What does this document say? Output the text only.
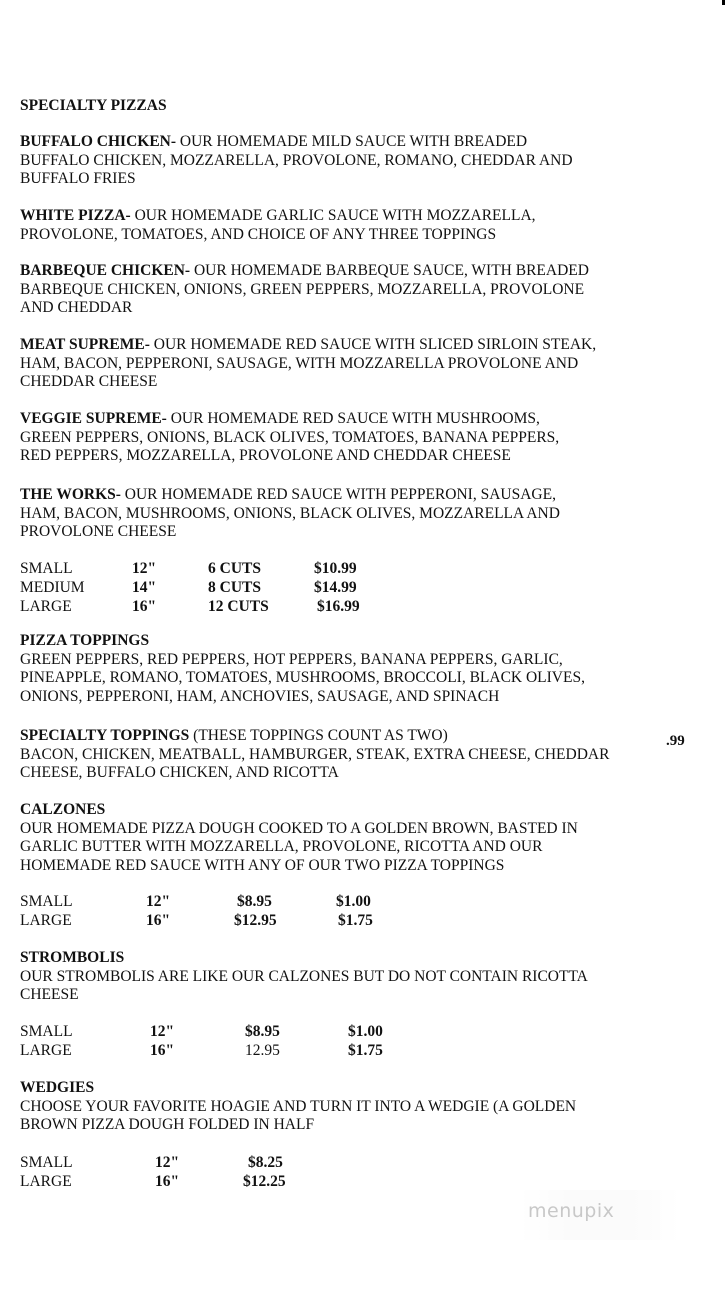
SPECIALTY PIZZAS
BUFFALO CHICKEN- OUR HOMEMADE MILD SAUCE WITH BREADED
BUFFALO CHICKEN, MOZZARELLA, PROVOLONE, ROMANO, CHEDDAR AND
BUFFALO FRIES
WHITE PIZZA- OUR HOMEMADE GARLIC SAUCE WITH MOZZARELLA,
PROVOLONE, TOMATOES, AND CHOICE OF ANY THREE TOPPINGS
BARBEQUE CHICKEN- OUR HOMEMADE BARBEQUE SAUCE, WITH BREADED
BARBEQUE CHICKEN, ONIONS, GREEN PEPPERS, MOZZARELLA, PROVOLONE
AND CHEDDAR
MEAT SUPREME- OUR HOMEMADE RED SAUCE WITH SLICED SIRLOIN STEAK,
HAM, BACON, PEPPERONI, SAUSAGE, WITH MOZZARELLA PROVOLONE AND
CHEDDAR CHEESE
VEGGIE SUPREME- OUR HOMEMADE RED SAUCE WITH MUSHROOMS,
GREEN PEPPERS, ONIONS, BLACK OLIVES, TOMATOES, BANANA PEPPERS,
RED PEPPERS, MOZZARELLA, PROVOLONE AND CHEDDAR CHEESE
THE WORKS- OUR HOMEMADE RED SAUCE WITH PEPPERONI, SAUSAGE,
HAM, BACON, MUSHROOMS, ONIONS, BLACK OLIVES, MOZZARELLA AND
PROVOLONE CHEESE
SMALL	12"	6 CUTS	$10.99
MEDIUM	14"	8 CUTS	$14.99
LARGE	16"	12 CUTS	$16.99
PIZZA TOPPINGS
GREEN PEPPERS, RED PEPPERS, HOT PEPPERS, BANANA PEPPERS, GARLIC,
PINEAPPLE, ROMANO, TOMATOES, MUSHROOMS, BROCCOLI, BLACK OLIVES,
ONIONS, PEPPERONI, HAM, ANCHOVIES, SAUSAGE, AND SPINACH
SPECIALTY TOPPINGS (THESE TOPPINGS COUNT AS TWO)
BACON, CHICKEN, MEATBALL, HAMBURGER, STEAK, EXTRA CHEESE, CHEDDAR
CHEESE, BUFFALO CHICKEN, AND RICOTTA
.99
CALZONES
OUR HOMEMADE PIZZA DOUGH COOKED TO A GOLDEN BROWN, BASTED IN
GARLIC BUTTER WITH MOZZARELLA, PROVOLONE, RICOTTA AND OUR
HOMEMADE RED SAUCE WITH ANY OF OUR TWO PIZZA TOPPINGS
SMALL	12"	$8.95	$1.00
LARGE	16"	$12.95	$1.75
STROMBOLIS
OUR STROMBOLIS ARE LIKE OUR CALZONES BUT DO NOT CONTAIN RICOTTA
CHEESE
SMALL	12"	$8.95	$1.00
LARGE	16"	12.95	$1.75
WEDGIES
CHOOSE YOUR FAVORITE HOAGIE AND TURN IT INTO A WEDGIE (A GOLDEN
BROWN PIZZA DOUGH FOLDED IN HALF
SMALL	12"	$8.25
LARGE	16"	$12.25
menupix
